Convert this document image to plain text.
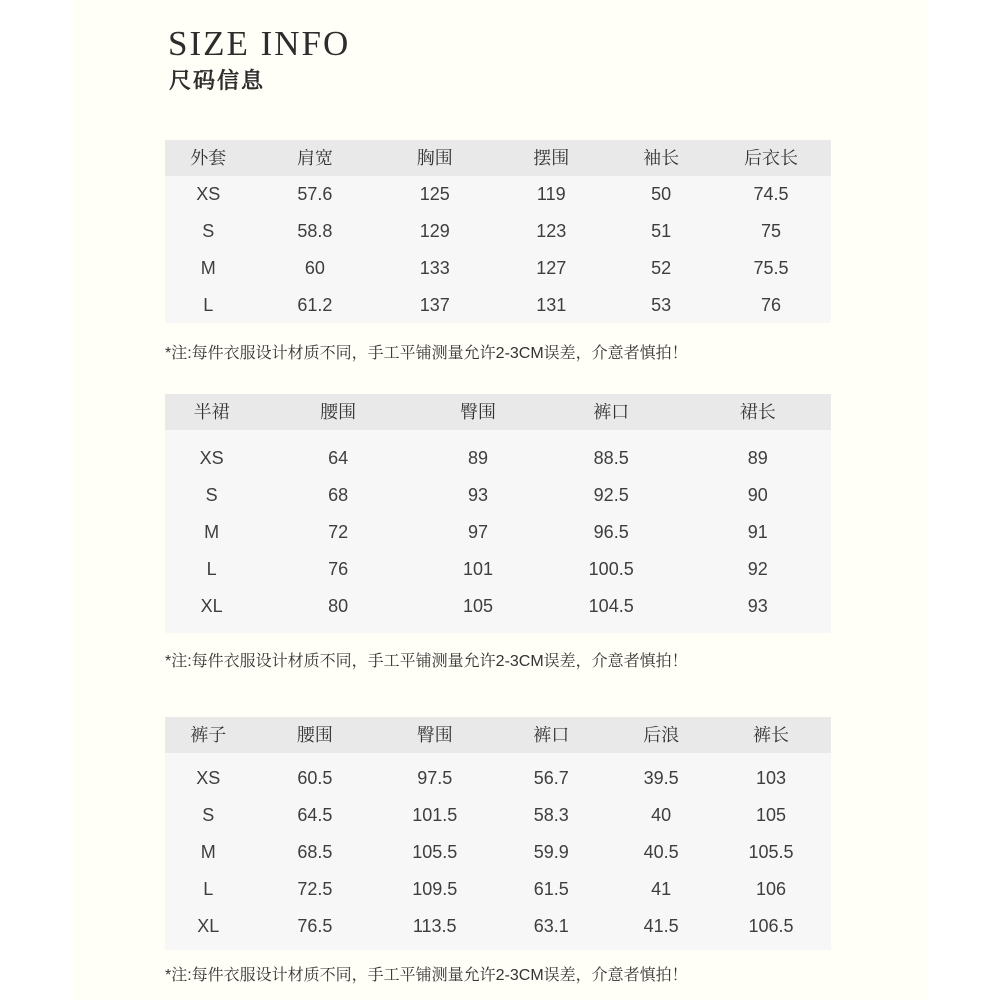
SIZE INFO
尺码信息
外套	肩宽	胸围	摆围	袖长	后衣长
XS	57.6	125	119	50	74.5
S	58.8	129	123	51	75
M	60	133	127	52	75.5
L	61.2	137	131	53	76
*注:每件衣服设计材质不同，手工平铺测量允许2-3CM误差，介意者慎拍！
半裙	腰围	臀围	裤口	裙长
XS	64	89	88.5	89
S	68	93	92.5	90
M	72	97	96.5	91
L	76	101	100.5	92
XL	80	105	104.5	93
*注:每件衣服设计材质不同，手工平铺测量允许2-3CM误差，介意者慎拍！
裤子	腰围	臀围	裤口	后浪	裤长
XS	60.5	97.5	56.7	39.5	103
S	64.5	101.5	58.3	40	105
M	68.5	105.5	59.9	40.5	105.5
L	72.5	109.5	61.5	41	106
XL	76.5	113.5	63.1	41.5	106.5
*注:每件衣服设计材质不同，手工平铺测量允许2-3CM误差，介意者慎拍！
